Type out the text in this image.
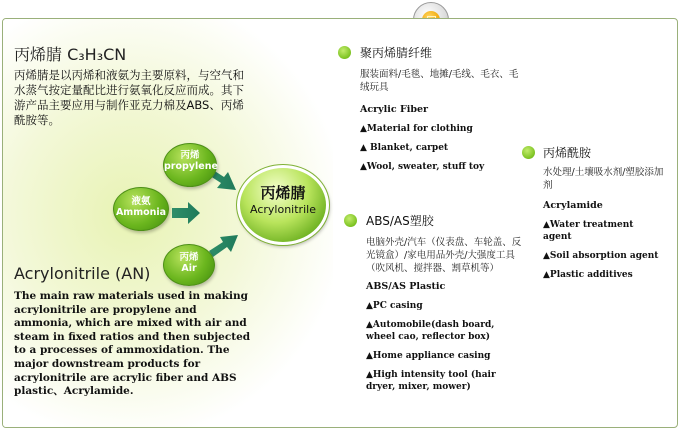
丙烯腈 C₃H₃CN

丙烯腈是以丙烯和液氨为主要原料，与空气和水蒸气按定量配比进行氨氧化反应而成。其下游产品主要应用与制作亚克力棉及ABS、丙烯酰胺等。

Acrylonitrile (AN)

The main raw materials used in making acrylonitrile are propylene and ammonia, which are mixed with air and steam in fixed ratios and then subjected to a processes of ammoxidation. The major downstream products for acrylonitrile are acrylic fiber and ABS plastic、Acrylamide.

丙烯
propylene
液氨
Ammonia
丙烯
Air
丙烯腈
Acrylonitrile

聚丙烯腈纤维

服装面料/毛毯、地摊/毛线、毛衣、毛绒玩具

Acrylic Fiber

▲Material for clothing

▲ Blanket, carpet

▲Wool, sweater, stuff toy

ABS/AS塑胶

电脑外壳/汽车（仪表盘、车轮盖、反光镜盒）/家电用品外壳/大强度工具（吹风机、搅拌器、割草机等）

ABS/AS Plastic

▲PC casing

▲Automobile(dash board, wheel cao, reflector box)

▲Home appliance casing

▲High intensity tool (hair dryer, mixer, mower)

丙烯酰胺

水处理/土壤吸水剂/塑胶添加剂

Acrylamide

▲Water treatment agent

▲Soil absorption agent

▲Plastic additives
